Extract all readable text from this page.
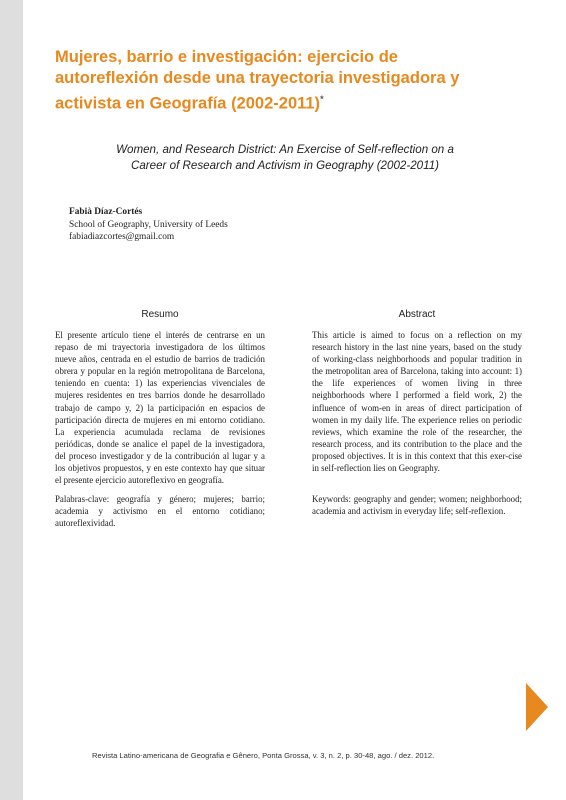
Mujeres, barrio e investigación: ejercicio de
autoreflexión desde una trayectoria investigadora y
activista en Geografía (2002-2011)*

Women, and Research District: An Exercise of Self-reflection on a
Career of Research and Activism in Geography (2002-2011)

Fabià Díaz-Cortés
School of Geography, University of Leeds
fabiadiazcortes@gmail.com
Resumo	Abstract

El presente artículo tiene el interés de centrarse en un repaso de mi trayectoria investigadora de los últimos nueve años, centrada en el estudio de barrios de tradición obrera y popular en la región metropolitana de Barcelona, teniendo en cuenta: 1) las experiencias vivenciales de mujeres residentes en tres barrios donde he desarrollado trabajo de campo y, 2) la participación en espacios de participación directa de mujeres en mi entorno cotidiano. La experiencia acumulada reclama de revisiones periódicas, donde se analice el papel de la investigadora, del proceso investigador y de la contribución al lugar y a los objetivos propuestos, y en este contexto hay que situar el presente ejercicio autoreflexivo en geografía.

This article is aimed to focus on a reflection on my research history in the last nine years, based on the study of working-class neighborhoods and popular tradition in the metropolitan area of Barcelona, taking into account: 1) the life experiences of women living in three neighborhoods where I performed a field work, 2) the influence of wom-en in areas of direct participation of women in my daily life. The experience relies on periodic reviews, which examine the role of the researcher, the research process, and its contribution to the place and the proposed objectives. It is in this context that this exer-cise in self-reflection lies on Geography.

Palabras-clave: geografía y género; mujeres; barrio; academia y activismo en el entorno cotidiano; autoreflexividad.

Keywords: geography and gender; women; neighborhood; academia and activism in everyday life; self-reflexion.

Revista Latino-americana de Geografia e Gênero, Ponta Grossa, v. 3, n. 2, p. 30-48, ago. / dez. 2012.
